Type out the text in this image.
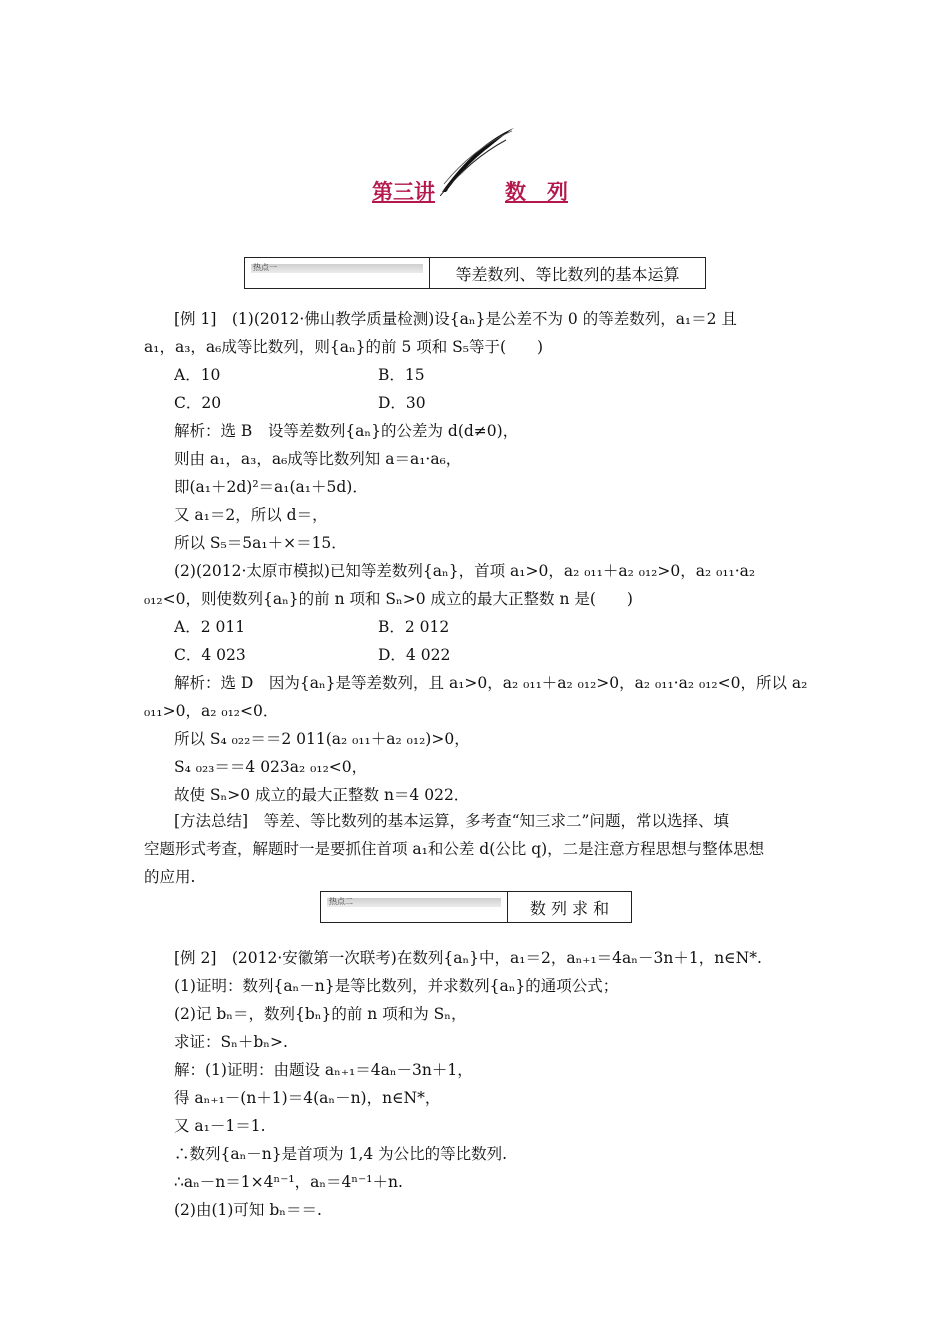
第三讲	数　列
热点一	等差数列、等比数列的基本运算
[例 1]　(1)(2012·佛山教学质量检测)设{aₙ}是公差不为 0 的等差数列，a₁＝2 且
a₁，a₃，a₆成等比数列，则{aₙ}的前 5 项和 S₅等于(　　)
A．10	B．15
C．20	D．30
解析：选 B　设等差数列{aₙ}的公差为 d(d≠0)，
则由 a₁，a₃，a₆成等比数列知 a＝a₁·a₆，
即(a₁＋2d)²＝a₁(a₁＋5d)．
又 a₁＝2，所以 d＝，
所以 S₅＝5a₁＋×＝15．
(2)(2012·太原市模拟)已知等差数列{aₙ}，首项 a₁>0，a₂ ₀₁₁＋a₂ ₀₁₂>0，a₂ ₀₁₁·a₂
₀₁₂<0，则使数列{aₙ}的前 n 项和 Sₙ>0 成立的最大正整数 n 是(　　)
A．2 011	B．2 012
C．4 023	D．4 022
解析：选 D　因为{aₙ}是等差数列，且 a₁>0，a₂ ₀₁₁＋a₂ ₀₁₂>0，a₂ ₀₁₁·a₂ ₀₁₂<0，所以 a₂
₀₁₁>0，a₂ ₀₁₂<0．
所以 S₄ ₀₂₂＝＝2 011(a₂ ₀₁₁＋a₂ ₀₁₂)>0，
S₄ ₀₂₃＝＝4 023a₂ ₀₁₂<0，
故使 Sₙ>0 成立的最大正整数 n＝4 022．
[方法总结]　等差、等比数列的基本运算，多考查“知三求二”问题，常以选择、填
空题形式考查，解题时一是要抓住首项 a₁和公差 d(公比 q)，二是注意方程思想与整体思想
的应用.
热点二	数 列 求 和
[例 2]　(2012·安徽第一次联考)在数列{aₙ}中，a₁＝2，aₙ₊₁＝4aₙ－3n＋1，n∈N*.
(1)证明：数列{aₙ－n}是等比数列，并求数列{aₙ}的通项公式；
(2)记 bₙ＝，数列{bₙ}的前 n 项和为 Sₙ，
求证：Sₙ＋bₙ>.
解：(1)证明：由题设 aₙ₊₁＝4aₙ－3n＋1，
得 aₙ₊₁－(n＋1)＝4(aₙ－n)，n∈N*，
又 a₁－1＝1.
∴数列{aₙ－n}是首项为 1,4 为公比的等比数列.
∴aₙ－n＝1×4ⁿ⁻¹，aₙ＝4ⁿ⁻¹＋n.
(2)由(1)可知 bₙ＝＝.
